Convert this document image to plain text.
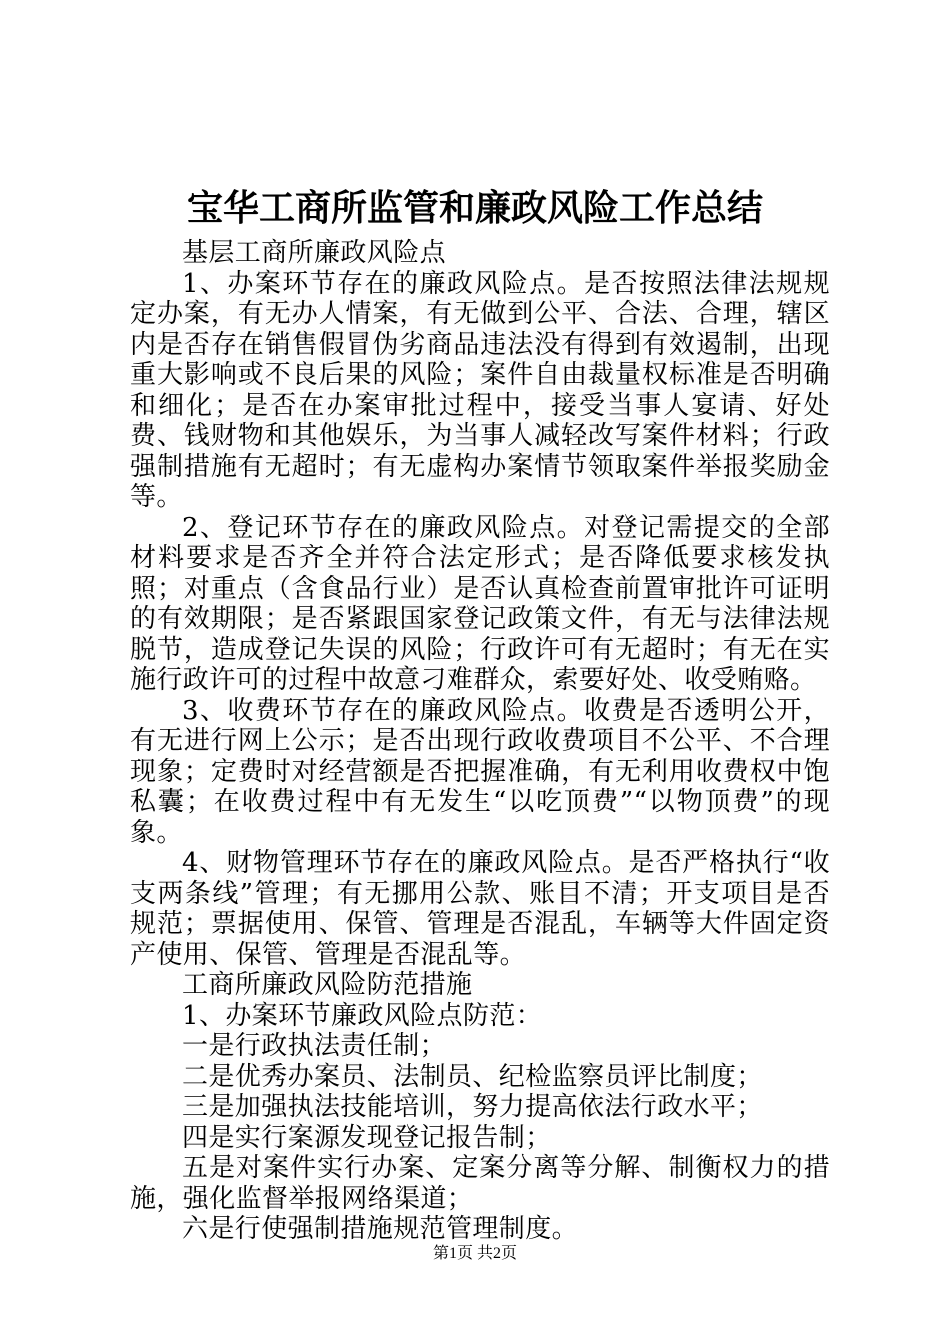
宝华工商所监管和廉政风险工作总结

基层工商所廉政风险点

1、办案环节存在的廉政风险点。是否按照法律法规规定办案，有无办人情案，有无做到公平、合法、合理，辖区内是否存在销售假冒伪劣商品违法没有得到有效遏制，出现重大影响或不良后果的风险；案件自由裁量权标准是否明确和细化；是否在办案审批过程中，接受当事人宴请、好处费、钱财物和其他娱乐，为当事人减轻改写案件材料；行政强制措施有无超时；有无虚构办案情节领取案件举报奖励金等。

2、登记环节存在的廉政风险点。对登记需提交的全部材料要求是否齐全并符合法定形式；是否降低要求核发执照；对重点（含食品行业）是否认真检查前置审批许可证明的有效期限；是否紧跟国家登记政策文件，有无与法律法规脱节，造成登记失误的风险；行政许可有无超时；有无在实施行政许可的过程中故意刁难群众，索要好处、收受贿赂。

3、收费环节存在的廉政风险点。收费是否透明公开，有无进行网上公示；是否出现行政收费项目不公平、不合理现象；定费时对经营额是否把握准确，有无利用收费权中饱私囊；在收费过程中有无发生“以吃顶费”“以物顶费”的现象。

4、财物管理环节存在的廉政风险点。是否严格执行“收支两条线”管理；有无挪用公款、账目不清；开支项目是否规范；票据使用、保管、管理是否混乱，车辆等大件固定资产使用、保管、管理是否混乱等。

工商所廉政风险防范措施

1、办案环节廉政风险点防范：

一是行政执法责任制；

二是优秀办案员、法制员、纪检监察员评比制度；

三是加强执法技能培训，努力提高依法行政水平；

四是实行案源发现登记报告制；

五是对案件实行办案、定案分离等分解、制衡权力的措施，强化监督举报网络渠道；

六是行使强制措施规范管理制度。

第1页 共2页
